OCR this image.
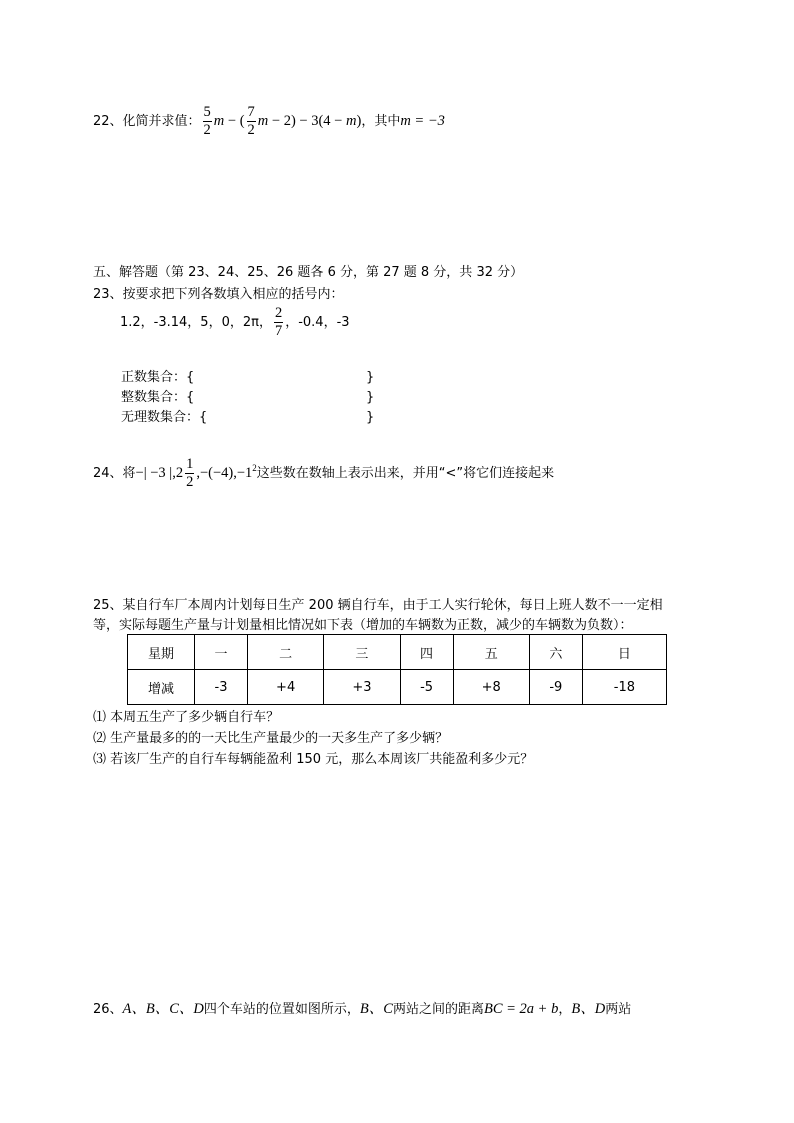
22、化简并求值： $\frac{5}{2}$ m − ( $\frac{7}{2}$ m − 2) − 3(4 − m)，其中m = −3
五、解答题（第 23、24、25、26 题各 6 分，第 27 题 8 分，共 32 分）
23、按要求把下列各数填入相应的括号内：
1.2，-3.14，5，0，2π， $\frac{2}{7}$ ，-0.4，-3
正数集合：{	}
整数集合：{	}
无理数集合：{	}
24、将−| −3 $|,2 \frac{1}{2} ,-(-4),-1^2$这些数在数轴上表示出来，并用“<”将它们连接起来
25、某自行车厂本周内计划每日生产 200 辆自行车，由于工人实行轮休，每日上班人数不一一定相
等，实际每题生产量与计划量相比情况如下表（增加的车辆数为正数，减少的车辆数为负数）：
星期	一	二	三	四	五	六	日
增减	-3	+4	+3	-5	+8	-9	-18
⑴ 本周五生产了多少辆自行车？
⑵ 生产量最多的的一天比生产量最少的一天多生产了多少辆？
⑶ 若该厂生产的自行车每辆能盈利 150 元，那么本周该厂共能盈利多少元？
26、A、B、C、D四个车站的位置如图所示，B、C两站之间的距离BC = 2a + b，B、D两站
